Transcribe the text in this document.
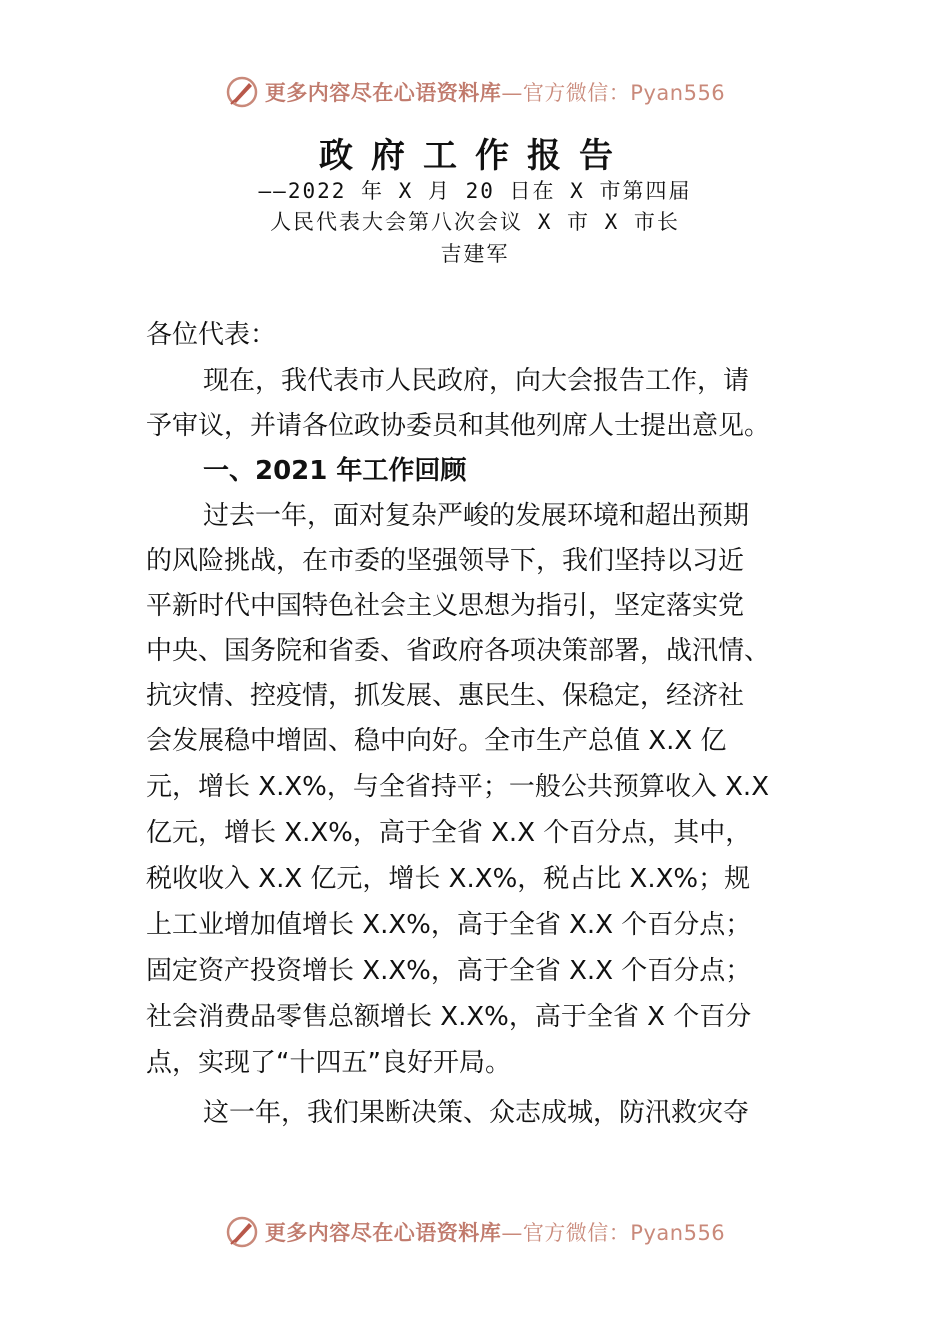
更多内容尽在心语资料库—官方微信：Pyan556
政府工作报告
——2022 年 X 月 20 日在 X 市第四届
人民代表大会第八次会议 X 市 X 市长
吉建军
各位代表：
现在，我代表市人民政府，向大会报告工作，请
予审议，并请各位政协委员和其他列席人士提出意见。
一、2021 年工作回顾
过去一年，面对复杂严峻的发展环境和超出预期
的风险挑战，在市委的坚强领导下，我们坚持以习近
平新时代中国特色社会主义思想为指引，坚定落实党
中央、国务院和省委、省政府各项决策部署，战汛情、
抗灾情、控疫情，抓发展、惠民生、保稳定，经济社
会发展稳中增固、稳中向好。全市生产总值 X.X 亿
元，增长 X.X%，与全省持平；一般公共预算收入 X.X
亿元，增长 X.X%，高于全省 X.X 个百分点，其中，
税收收入 X.X 亿元，增长 X.X%，税占比 X.X%；规
上工业增加值增长 X.X%，高于全省 X.X 个百分点；
固定资产投资增长 X.X%，高于全省 X.X 个百分点；
社会消费品零售总额增长 X.X%，高于全省 X 个百分
点，实现了“十四五”良好开局。
这一年，我们果断决策、众志成城，防汛救灾夺
更多内容尽在心语资料库—官方微信：Pyan556
